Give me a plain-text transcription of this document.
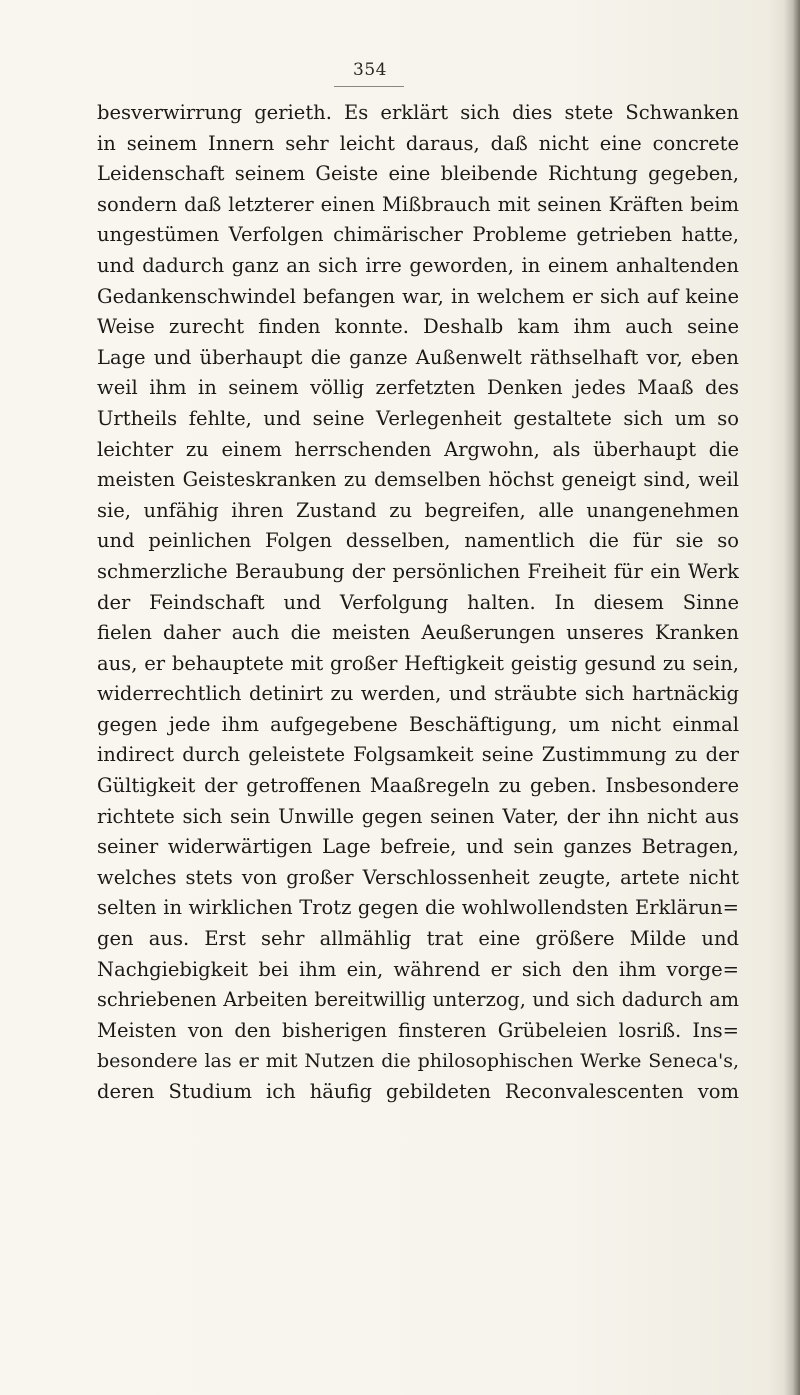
354
besverwirrung gerieth. Es erklärt sich dies stete Schwanken
in seinem Innern sehr leicht daraus, daß nicht eine concrete
Leidenschaft seinem Geiste eine bleibende Richtung gegeben,
sondern daß letzterer einen Mißbrauch mit seinen Kräften beim
ungestümen Verfolgen chimärischer Probleme getrieben hatte,
und dadurch ganz an sich irre geworden, in einem anhaltenden
Gedankenschwindel befangen war, in welchem er sich auf keine
Weise zurecht finden konnte. Deshalb kam ihm auch seine
Lage und überhaupt die ganze Außenwelt räthselhaft vor, eben
weil ihm in seinem völlig zerfetzten Denken jedes Maaß des
Urtheils fehlte, und seine Verlegenheit gestaltete sich um so
leichter zu einem herrschenden Argwohn, als überhaupt die
meisten Geisteskranken zu demselben höchst geneigt sind, weil
sie, unfähig ihren Zustand zu begreifen, alle unangenehmen
und peinlichen Folgen desselben, namentlich die für sie so
schmerzliche Beraubung der persönlichen Freiheit für ein Werk
der Feindschaft und Verfolgung halten. In diesem Sinne
fielen daher auch die meisten Aeußerungen unseres Kranken
aus, er behauptete mit großer Heftigkeit geistig gesund zu sein,
widerrechtlich detinirt zu werden, und sträubte sich hartnäckig
gegen jede ihm aufgegebene Beschäftigung, um nicht einmal
indirect durch geleistete Folgsamkeit seine Zustimmung zu der
Gültigkeit der getroffenen Maaßregeln zu geben. Insbesondere
richtete sich sein Unwille gegen seinen Vater, der ihn nicht aus
seiner widerwärtigen Lage befreie, und sein ganzes Betragen,
welches stets von großer Verschlossenheit zeugte, artete nicht
selten in wirklichen Trotz gegen die wohlwollendsten Erklärun=
gen aus. Erst sehr allmählig trat eine größere Milde und
Nachgiebigkeit bei ihm ein, während er sich den ihm vorge=
schriebenen Arbeiten bereitwillig unterzog, und sich dadurch am
Meisten von den bisherigen finsteren Grübeleien losriß. Ins=
besondere las er mit Nutzen die philosophischen Werke Seneca's,
deren Studium ich häufig gebildeten Reconvalescenten vom
